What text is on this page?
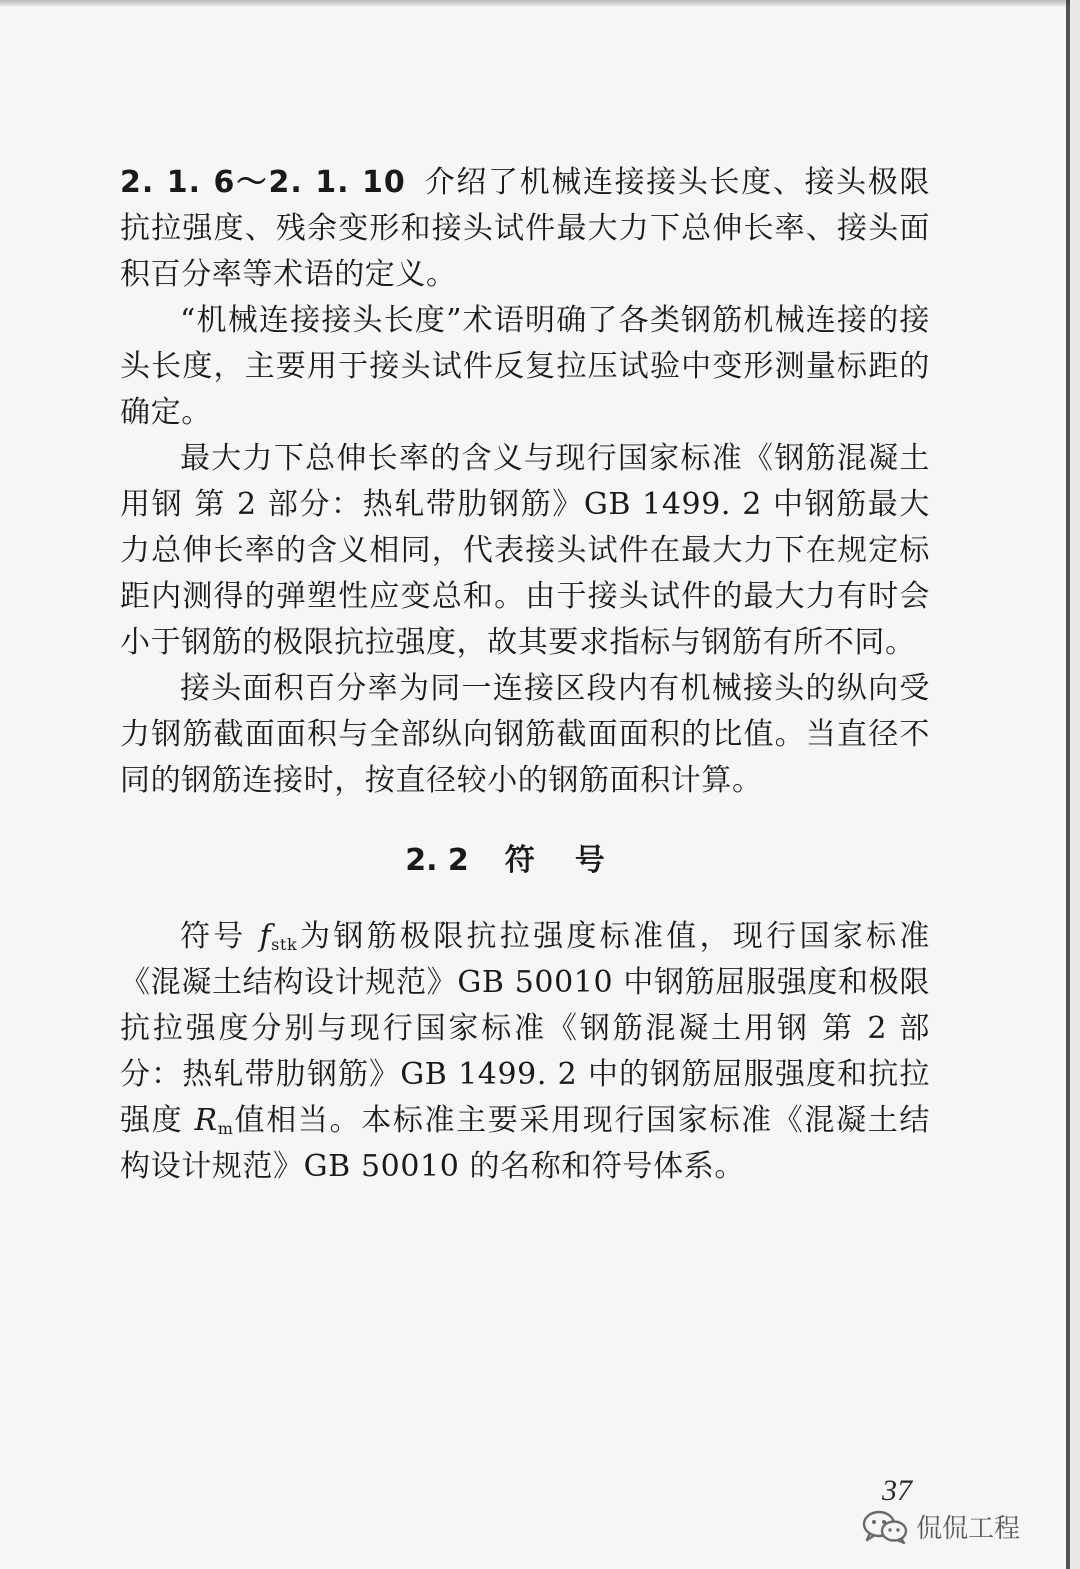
2. 1. 6～2. 1. 10 介绍了机械连接接头长度、接头极限抗拉强度、残余变形和接头试件最大力下总伸长率、接头面积百分率等术语的定义。

“机械连接接头长度”术语明确了各类钢筋机械连接的接头长度，主要用于接头试件反复拉压试验中变形测量标距的确定。

最大力下总伸长率的含义与现行国家标准《钢筋混凝土用钢 第 2 部分：热轧带肋钢筋》GB 1499. 2 中钢筋最大力总伸长率的含义相同，代表接头试件在最大力下在规定标距内测得的弹塑性应变总和。由于接头试件的最大力有时会小于钢筋的极限抗拉强度，故其要求指标与钢筋有所不同。

接头面积百分率为同一连接区段内有机械接头的纵向受力钢筋截面面积与全部纵向钢筋截面面积的比值。当直径不同的钢筋连接时，按直径较小的钢筋面积计算。

2. 2 符号

符号 $f_{stk}$为钢筋极限抗拉强度标准值，现行国家标准《混凝土结构设计规范》GB 50010 中钢筋屈服强度和极限抗拉强度分别与现行国家标准《钢筋混凝土用钢 第 2 部分：热轧带肋钢筋》GB 1499. 2 中的钢筋屈服强度和抗拉强度 $R_m$值相当。本标准主要采用现行国家标准《混凝土结构设计规范》GB 50010 的名称和符号体系。

37
侃侃工程
